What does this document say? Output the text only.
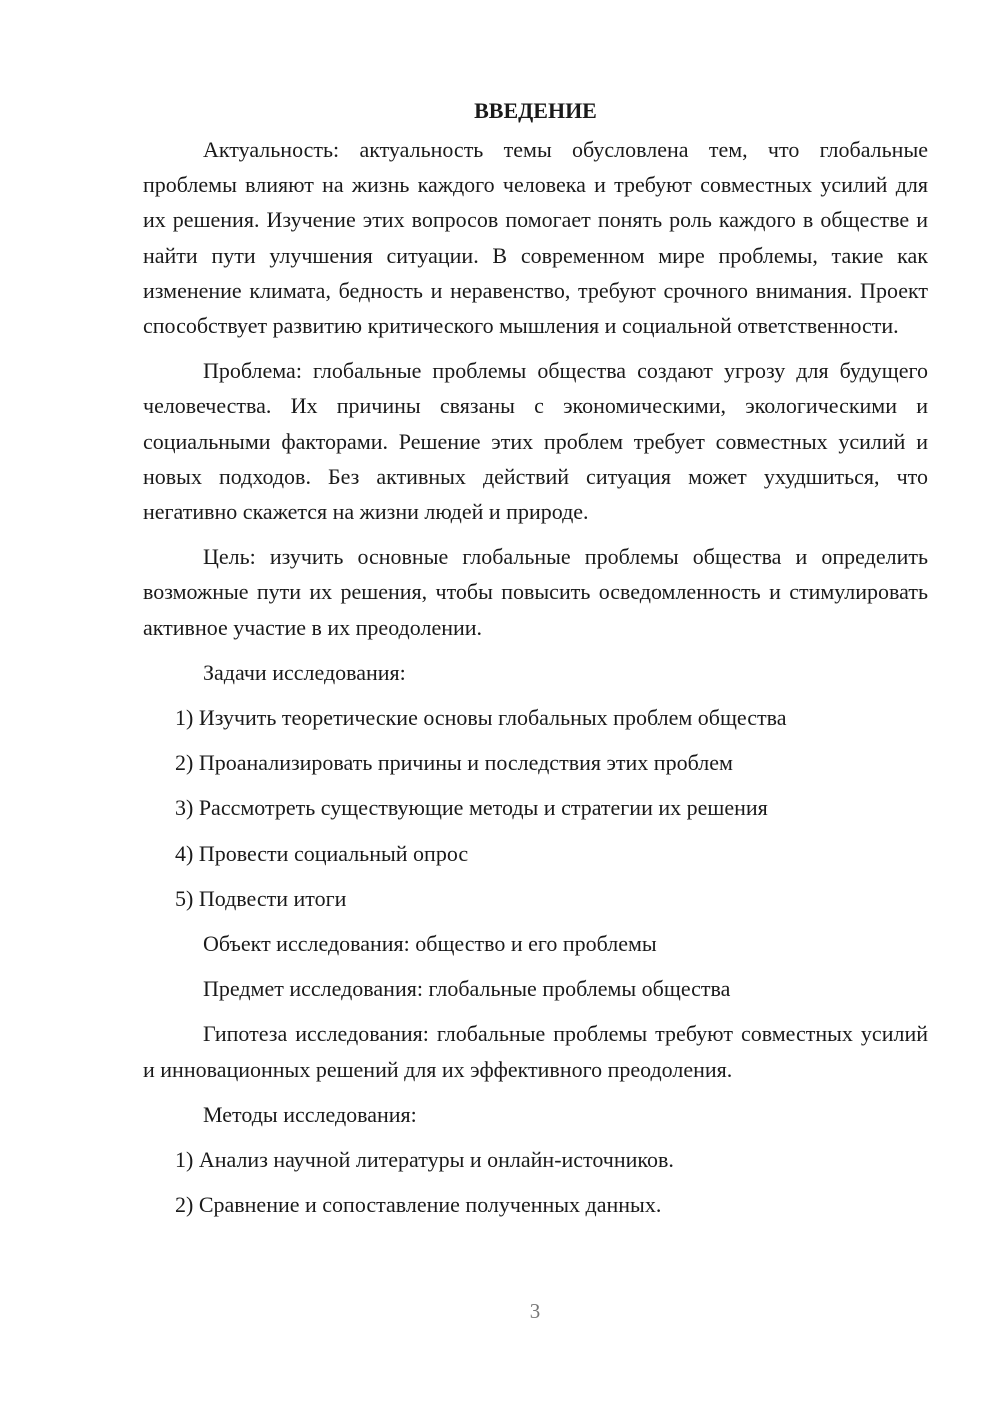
ВВЕДЕНИЕ

Актуальность: актуальность темы обусловлена тем, что глобальные проблемы влияют на жизнь каждого человека и требуют совместных усилий для их решения. Изучение этих вопросов помогает понять роль каждого в обществе и найти пути улучшения ситуации. В современном мире проблемы, такие как изменение климата, бедность и неравенство, требуют срочного внимания. Проект способствует развитию критического мышления и социальной ответственности.

Проблема: глобальные проблемы общества создают угрозу для будущего человечества. Их причины связаны с экономическими, экологическими и социальными факторами. Решение этих проблем требует совместных усилий и новых подходов. Без активных действий ситуация может ухудшиться, что негативно скажется на жизни людей и природе.

Цель: изучить основные глобальные проблемы общества и определить возможные пути их решения, чтобы повысить осведомленность и стимулировать активное участие в их преодолении.

Задачи исследования:
1) Изучить теоретические основы глобальных проблем общества
2) Проанализировать причины и последствия этих проблем
3) Рассмотреть существующие методы и стратегии их решения
4) Провести социальный опрос
5) Подвести итоги
Объект исследования: общество и его проблемы
Предмет исследования: глобальные проблемы общества

Гипотеза исследования: глобальные проблемы требуют совместных усилий и инновационных решений для их эффективного преодоления.

Методы исследования:
1) Анализ научной литературы и онлайн-источников.
2) Сравнение и сопоставление полученных данных.
3
